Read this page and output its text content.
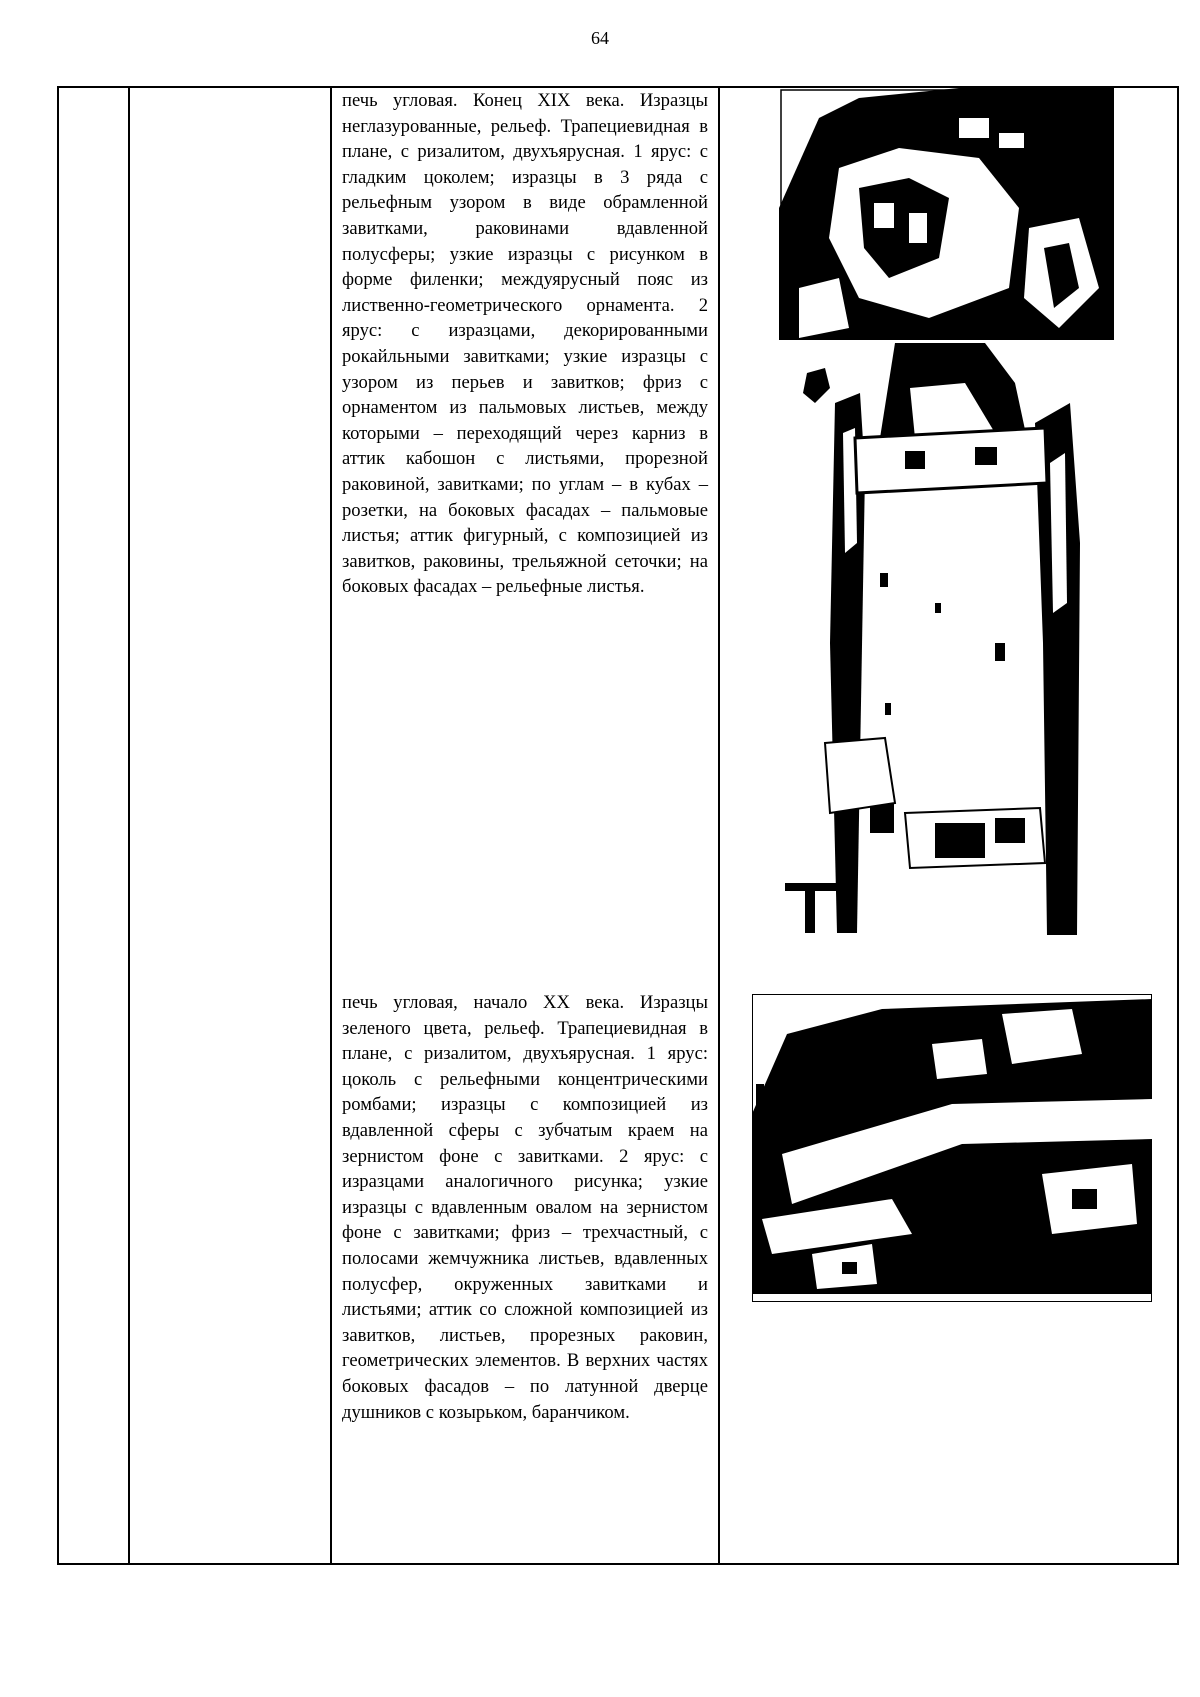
64

печь угловая. Конец XIX века. Изразцы неглазурованные, рельеф. Трапециевидная в плане, с ризалитом, двухъярусная. 1 ярус: с гладким цоколем; изразцы в 3 ряда с рельефным узором в виде обрамленной завитками, раковинами вдавленной полусферы; узкие изразцы с рисунком в форме филенки; междуярусный пояс из лиственно-геометрического орнамента. 2 ярус: с изразцами, декорированными рокайльными завитками; узкие изразцы с узором из перьев и завитков; фриз с орнаментом из пальмовых листьев, между которыми – переходящий через карниз в аттик кабошон с листьями, прорезной раковиной, завитками; по углам – в кубах – розетки, на боковых фасадах – пальмовые листья; аттик фигурный, с композицией из завитков, раковины, трельяжной сеточки; на боковых фасадах – рельефные листья.

печь угловая, начало XX века. Изразцы зеленого цвета, рельеф. Трапециевидная в плане, с ризалитом, двухъярусная. 1 ярус: цоколь с рельефными концентрическими ромбами; изразцы с композицией из вдавленной сферы с зубчатым краем на зернистом фоне с завитками. 2 ярус: с изразцами аналогичного рисунка; узкие изразцы с вдавленным овалом на зернистом фоне с завитками; фриз – трехчастный, с полосами жемчужника листьев, вдавленных полусфер, окруженных завитками и листьями; аттик со сложной композицией из завитков, листьев, прорезных раковин, геометрических элементов. В верхних частях боковых фасадов – по латунной дверце душников с козырьком, баранчиком.
